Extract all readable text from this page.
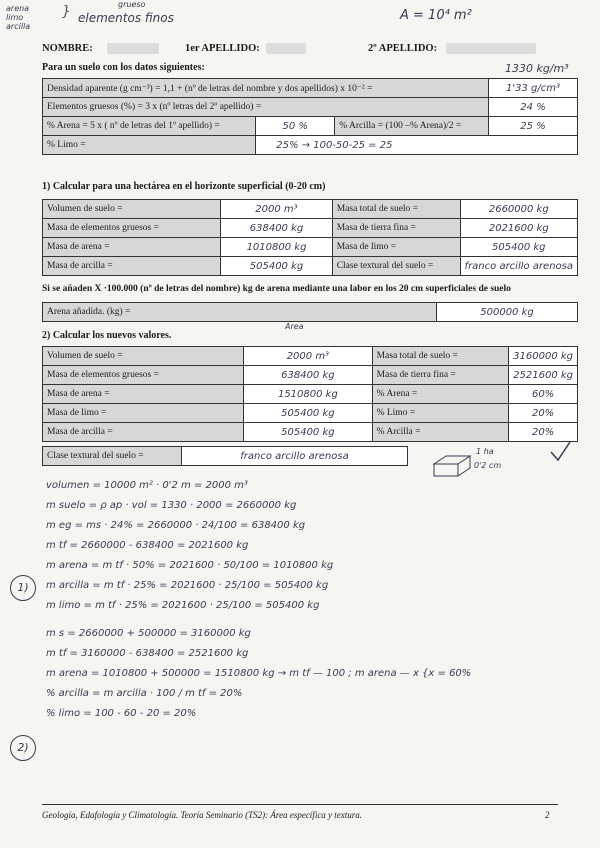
arena
limo
arcilla
}	grueso
elementos finos	A = 10⁴ m²
NOMBRE:	1er APELLIDO:	2º APELLIDO:
Para un suelo con los datos siguientes:	1330 kg/m³
Densidad aparente (g cm⁻³) = 1,1 + (nº de letras del nombre y dos apellidos) x 10⁻² =			1'33 g/cm³
Elementos gruesos (%) = 3 x (nº letras del 2º apellido) =			24 %
% Arena = 5 x ( nº de letras del 1º apellido) =	50 %	% Arcilla = (100 –% Arena)/2 =	25 %
% Limo =	25% → 100-50-25 = 25		
1) Calcular para una hectárea en el horizonte superficial (0-20 cm)
Volumen de suelo =	2000 m³	Masa total de suelo =	2660000 kg
Masa de elementos gruesos =	638400 kg	Masa de tierra fina =	2021600 kg
Masa de arena =	1010800 kg	Masa de limo =	505400 kg
Masa de arcilla =	505400 kg	Clase textural del suelo =	franco arcillo arenosa
Si se añaden X ·100.000 (nº de letras del nombre) kg de arena mediante una labor en los 20 cm superficiales de suelo
Arena añadida. (kg) =	500000 kg
Area
2) Calcular los nuevos valores.
Volumen de suelo =	2000 m³	Masa total de suelo =	3160000 kg
Masa de elementos gruesos =	638400 kg	Masa de tierra fina =	2521600 kg
Masa de arena =	1510800 kg	% Arena =	60%
Masa de limo =	505400 kg	% Limo =	20%
Masa de arcilla =	505400 kg	% Arcilla =	20%
Clase textural del suelo =	franco arcillo arenosa	1 ha
0'2 cm
volumen = 10000 m² · 0'2 m = 2000 m³
m suelo = ρ ap · vol = 1330 · 2000 = 2660000 kg
m eg = ms · 24% = 2660000 · 24/100 = 638400 kg
m tf = 2660000 - 638400 = 2021600 kg
m arena = m tf · 50% = 2021600 · 50/100 = 1010800 kg
m arcilla = m tf · 25% = 2021600 · 25/100 = 505400 kg
m limo = m tf · 25% = 2021600 · 25/100 = 505400 kg
m s = 2660000 + 500000 = 3160000 kg
m tf = 3160000 - 638400 = 2521600 kg
m arena = 1010800 + 500000 = 1510800 kg → m tf — 100 ; m arena — x {x = 60%
% arcilla = m arcilla · 100 / m tf = 20%
% limo = 100 - 60 - 20 = 20%
1)
2)
Geología, Edafología y Climatología. Teoría Seminario (TS2): Área específica y textura.	2
